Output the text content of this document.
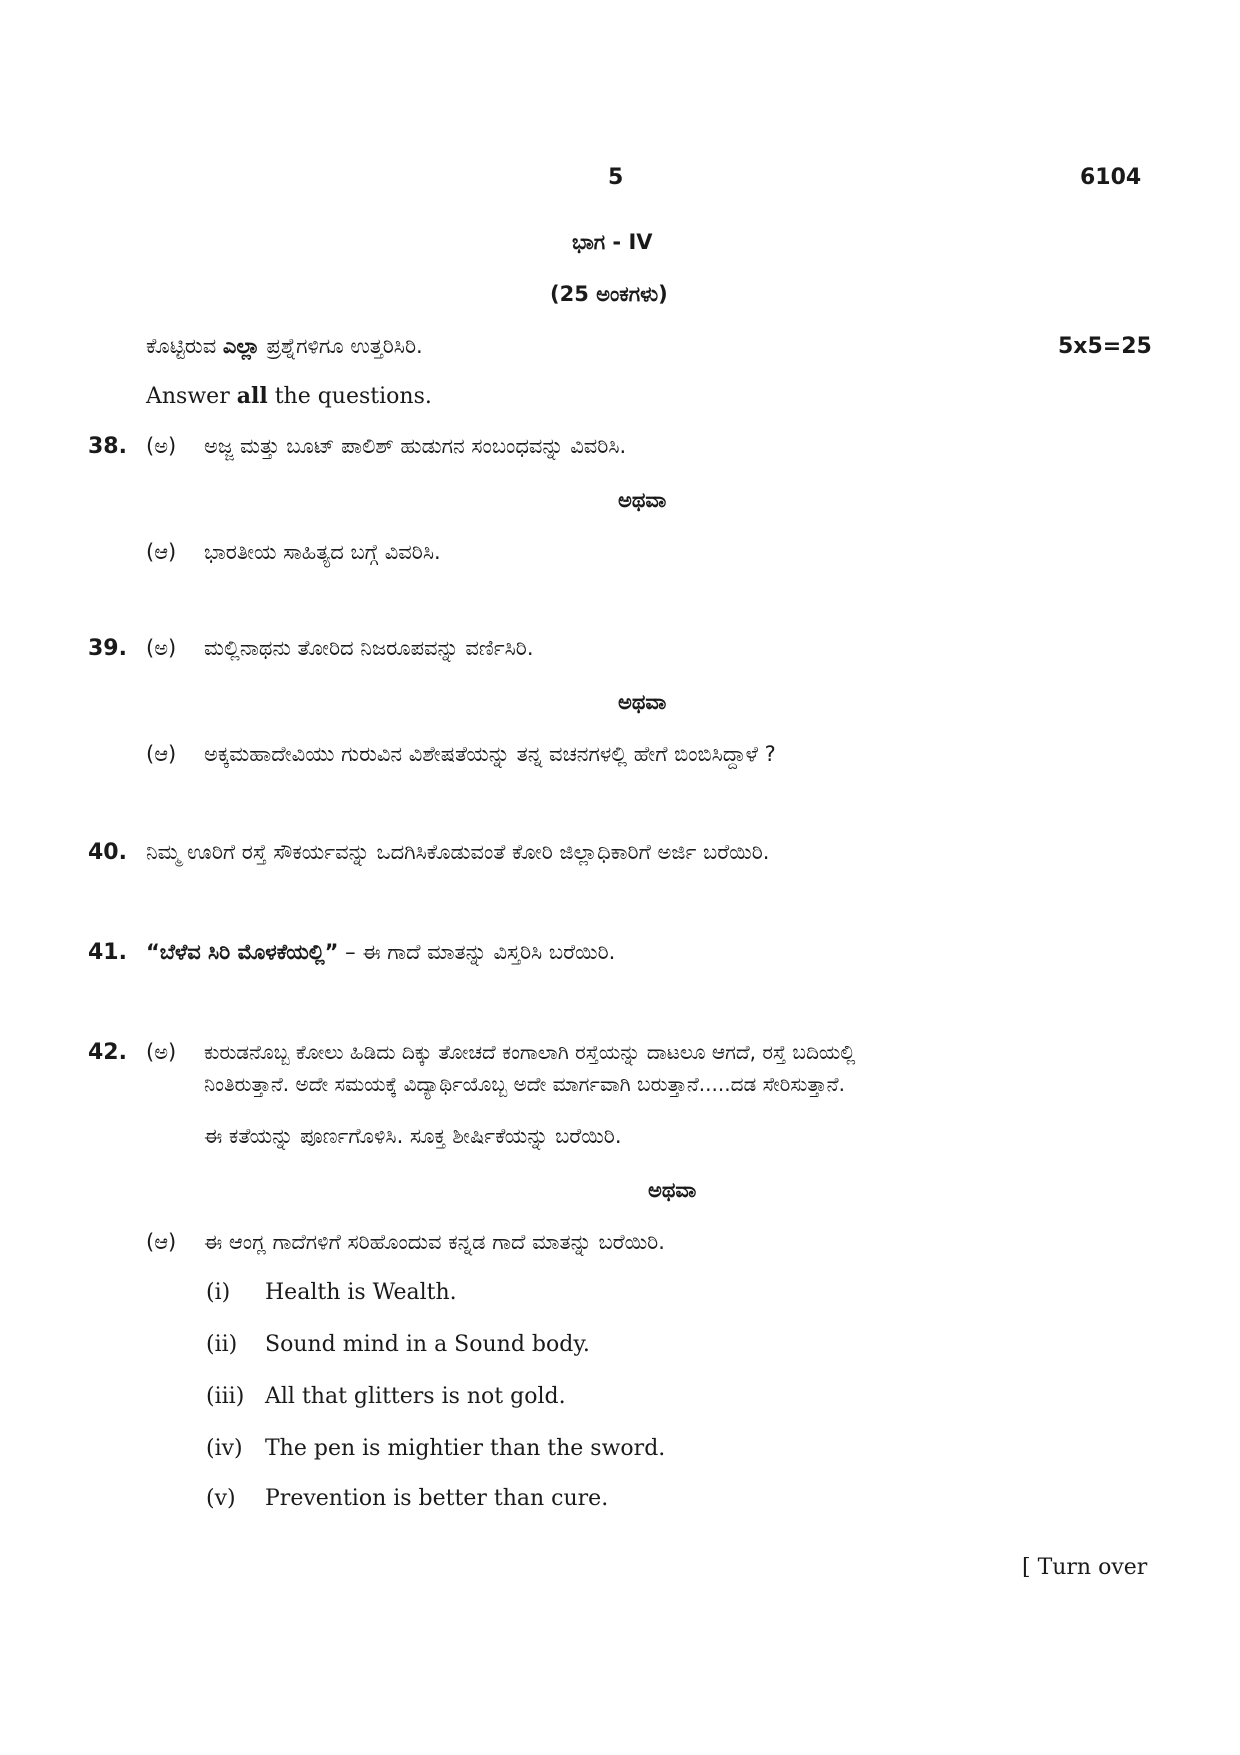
5	6104
ಭಾಗ - IV
(25 ಅಂಕಗಳು)
ಕೊಟ್ಟಿರುವ ಎಲ್ಲಾ ಪ್ರಶ್ನೆಗಳಿಗೂ ಉತ್ತರಿಸಿರಿ.	5x5=25
Answer all the questions.
38. (ಅ) ಅಜ್ಜ ಮತ್ತು ಬೂಟ್ ಪಾಲಿಶ್ ಹುಡುಗನ ಸಂಬಂಧವನ್ನು ವಿವರಿಸಿ.
ಅಥವಾ
(ಆ) ಭಾರತೀಯ ಸಾಹಿತ್ಯದ ಬಗ್ಗೆ ವಿವರಿಸಿ.
39. (ಅ) ಮಲ್ಲಿನಾಥನು ತೋರಿದ ನಿಜರೂಪವನ್ನು ವರ್ಣಿಸಿರಿ.
ಅಥವಾ
(ಆ) ಅಕ್ಕಮಹಾದೇವಿಯು ಗುರುವಿನ ವಿಶೇಷತೆಯನ್ನು ತನ್ನ ವಚನಗಳಲ್ಲಿ ಹೇಗೆ ಬಿಂಬಿಸಿದ್ದಾಳೆ ?
40. ನಿಮ್ಮ ಊರಿಗೆ ರಸ್ತೆ ಸೌಕರ್ಯವನ್ನು ಒದಗಿಸಿಕೊಡುವಂತೆ ಕೋರಿ ಜಿಲ್ಲಾಧಿಕಾರಿಗೆ ಅರ್ಜಿ ಬರೆಯಿರಿ.
41. “ಬೆಳೆವ ಸಿರಿ ಮೊಳಕೆಯಲ್ಲಿ” – ಈ ಗಾದೆ ಮಾತನ್ನು ವಿಸ್ತರಿಸಿ ಬರೆಯಿರಿ.
42. (ಅ) ಕುರುಡನೊಬ್ಬ ಕೋಲು ಹಿಡಿದು ದಿಕ್ಕು ತೋಚದೆ ಕಂಗಾಲಾಗಿ ರಸ್ತೆಯನ್ನು ದಾಟಲೂ ಆಗದೆ, ರಸ್ತೆ ಬದಿಯಲ್ಲಿ
ನಿಂತಿರುತ್ತಾನೆ. ಅದೇ ಸಮಯಕ್ಕೆ ವಿದ್ಯಾರ್ಥಿಯೊಬ್ಬ ಅದೇ ಮಾರ್ಗವಾಗಿ ಬರುತ್ತಾನೆ.....ದಡ ಸೇರಿಸುತ್ತಾನೆ.
ಈ ಕತೆಯನ್ನು ಪೂರ್ಣಗೊಳಿಸಿ. ಸೂಕ್ತ ಶೀರ್ಷಿಕೆಯನ್ನು ಬರೆಯಿರಿ.
ಅಥವಾ
(ಆ) ಈ ಆಂಗ್ಲ ಗಾದೆಗಳಿಗೆ ಸರಿಹೊಂದುವ ಕನ್ನಡ ಗಾದೆ ಮಾತನ್ನು ಬರೆಯಿರಿ.
(i) Health is Wealth.
(ii) Sound mind in a Sound body.
(iii) All that glitters is not gold.
(iv) The pen is mightier than the sword.
(v) Prevention is better than cure.
[ Turn over
